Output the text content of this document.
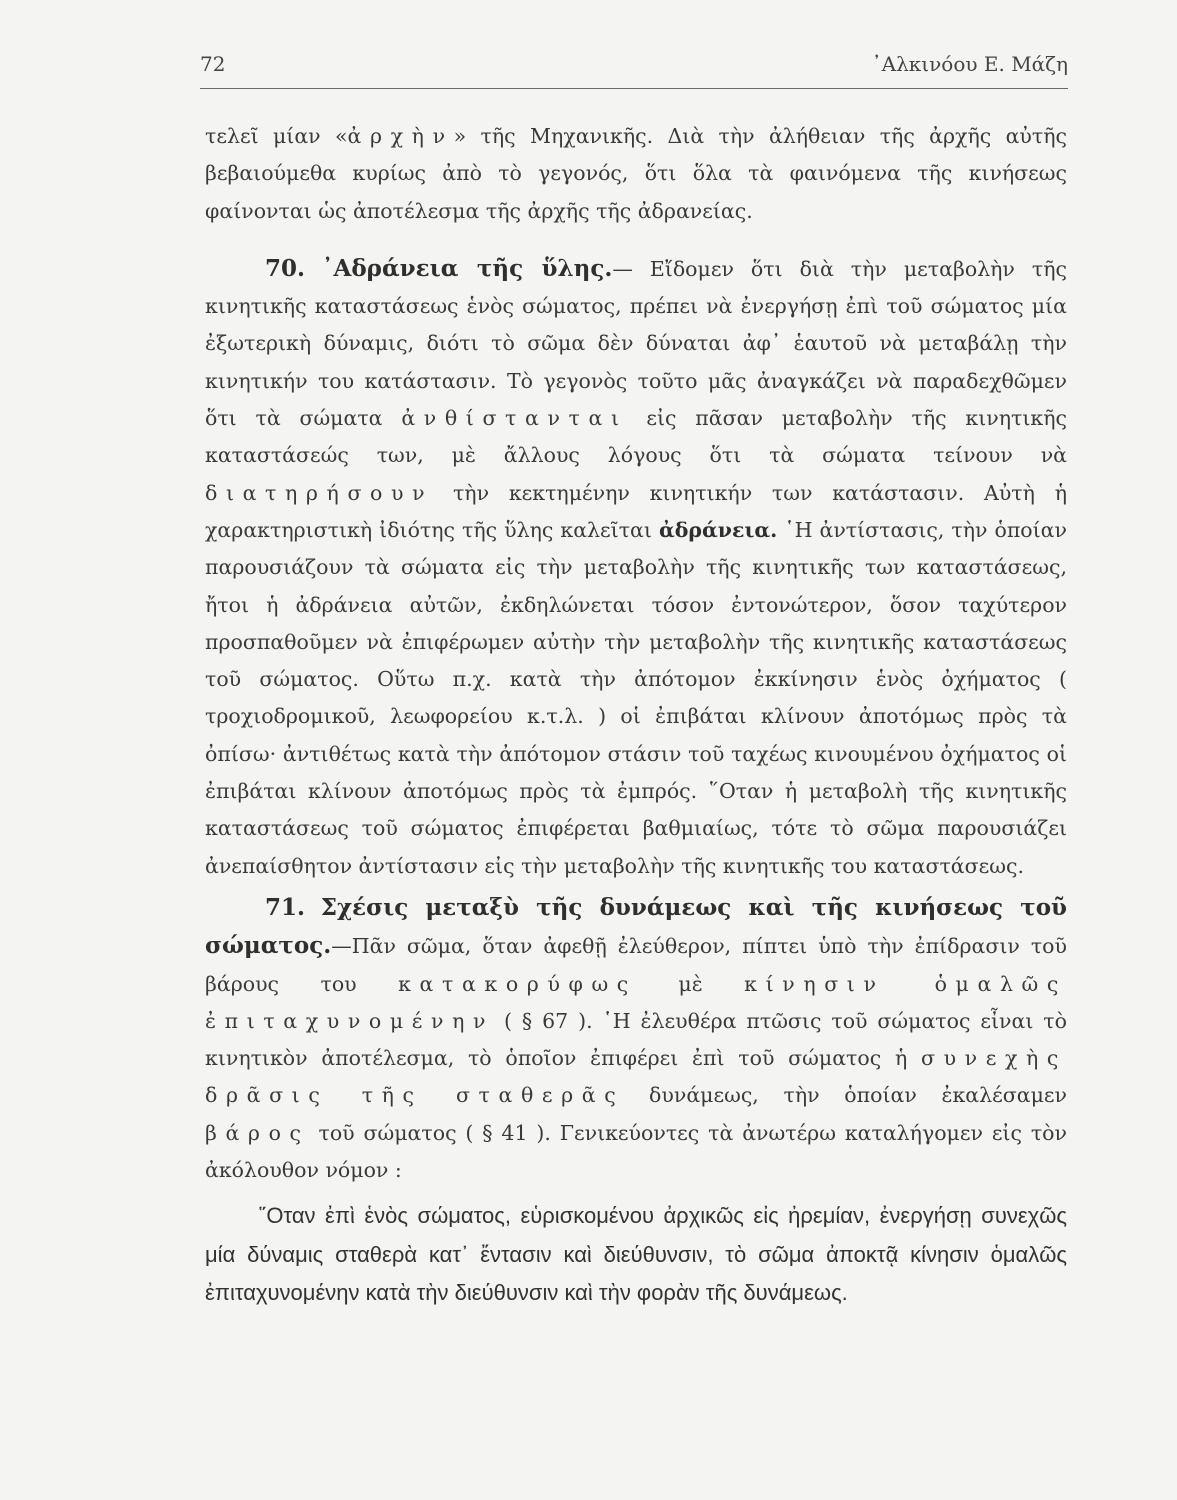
72	᾿Αλκινόου Ε. Μάζη

τελεῖ μίαν «ἀρχὴν» τῆς Μηχανικῆς. Διὰ τὴν ἀλήθειαν τῆς ἀρχῆς αὐτῆς βεβαιούμεθα κυρίως ἀπὸ τὸ γεγονός, ὅτι ὅλα τὰ φαινόμενα τῆς κινήσεως φαίνονται ὡς ἀποτέλεσμα τῆς ἀρχῆς τῆς ἀδρανείας.

70. ᾿Αδράνεια τῆς ὕλης.— Εἴδομεν ὅτι διὰ τὴν μεταβολὴν τῆς κινητικῆς καταστάσεως ἑνὸς σώματος, πρέπει νὰ ἐνεργήσῃ ἐπὶ τοῦ σώματος μία ἐξωτερικὴ δύναμις, διότι τὸ σῶμα δὲν δύναται ἀφ᾿ ἑαυτοῦ νὰ μεταβάλῃ τὴν κινητικήν του κατάστασιν. Τὸ γεγονὸς τοῦτο μᾶς ἀναγκάζει νὰ παραδεχθῶμεν ὅτι τὰ σώματα ἀνθίστανται εἰς πᾶσαν μεταβολὴν τῆς κινητικῆς καταστάσεώς των, μὲ ἄλλους λόγους ὅτι τὰ σώματα τείνουν νὰ διατηρήσουν τὴν κεκτημένην κινητικήν των κατάστασιν. Αὐτὴ ἡ χαρακτηριστικὴ ἰδιότης τῆς ὕλης καλεῖται ἀδράνεια. ῾Η ἀντίστασις, τὴν ὁποίαν παρουσιάζουν τὰ σώματα εἰς τὴν μεταβολὴν τῆς κινητικῆς των καταστάσεως, ἤτοι ἡ ἀδράνεια αὐτῶν, ἐκδηλώνεται τόσον ἐντονώτερον, ὅσον ταχύτερον προσπαθοῦμεν νὰ ἐπιφέρωμεν αὐτὴν τὴν μεταβολὴν τῆς κινητικῆς καταστάσεως τοῦ σώματος. Οὕτω π.χ. κατὰ τὴν ἀπότομον ἐκκίνησιν ἑνὸς ὀχήματος ( τροχιοδρομικοῦ, λεωφορείου κ.τ.λ. ) οἱ ἐπιβάται κλίνουν ἀποτόμως πρὸς τὰ ὀπίσω· ἀντιθέτως κατὰ τὴν ἀπότομον στάσιν τοῦ ταχέως κινουμένου ὀχήματος οἱ ἐπιβάται κλίνουν ἀποτόμως πρὸς τὰ ἐμπρός. ῞Οταν ἡ μεταβολὴ τῆς κινητικῆς καταστάσεως τοῦ σώματος ἐπιφέρεται βαθμιαίως, τότε τὸ σῶμα παρουσιάζει ἀνεπαίσθητον ἀντίστασιν εἰς τὴν μεταβολὴν τῆς κινητικῆς του καταστάσεως.

71. Σχέσις μεταξὺ τῆς δυνάμεως καὶ τῆς κινήσεως τοῦ σώματος.—Πᾶν σῶμα, ὅταν ἀφεθῇ ἐλεύθερον, πίπτει ὑπὸ τὴν ἐπίδρασιν τοῦ βάρους του κατακορύφως μὲ κίνησιν ὁμαλῶς ἐπιταχυνομένην ( § 67 ). ῾Η ἐλευθέρα πτῶσις τοῦ σώματος εἶναι τὸ κινητικὸν ἀποτέλεσμα, τὸ ὁποῖον ἐπιφέρει ἐπὶ τοῦ σώματος ἡ συνεχὴς δρᾶσις τῆς σταθερᾶς δυνάμεως, τὴν ὁποίαν ἐκαλέσαμεν βάρος τοῦ σώματος ( § 41 ). Γενικεύοντες τὰ ἀνωτέρω καταλήγομεν εἰς τὸν ἀκόλουθον νόμον :

῞Οταν ἐπὶ ἑνὸς σώματος, εὑρισκομένου ἀρχικῶς εἰς ἠρεμίαν, ἐνεργήσῃ συνεχῶς μία δύναμις σταθερὰ κατ᾿ ἔντασιν καὶ διεύθυνσιν, τὸ σῶμα ἀποκτᾷ κίνησιν ὁμαλῶς ἐπιταχυνομένην κατὰ τὴν διεύθυνσιν καὶ τὴν φορὰν τῆς δυνάμεως.
